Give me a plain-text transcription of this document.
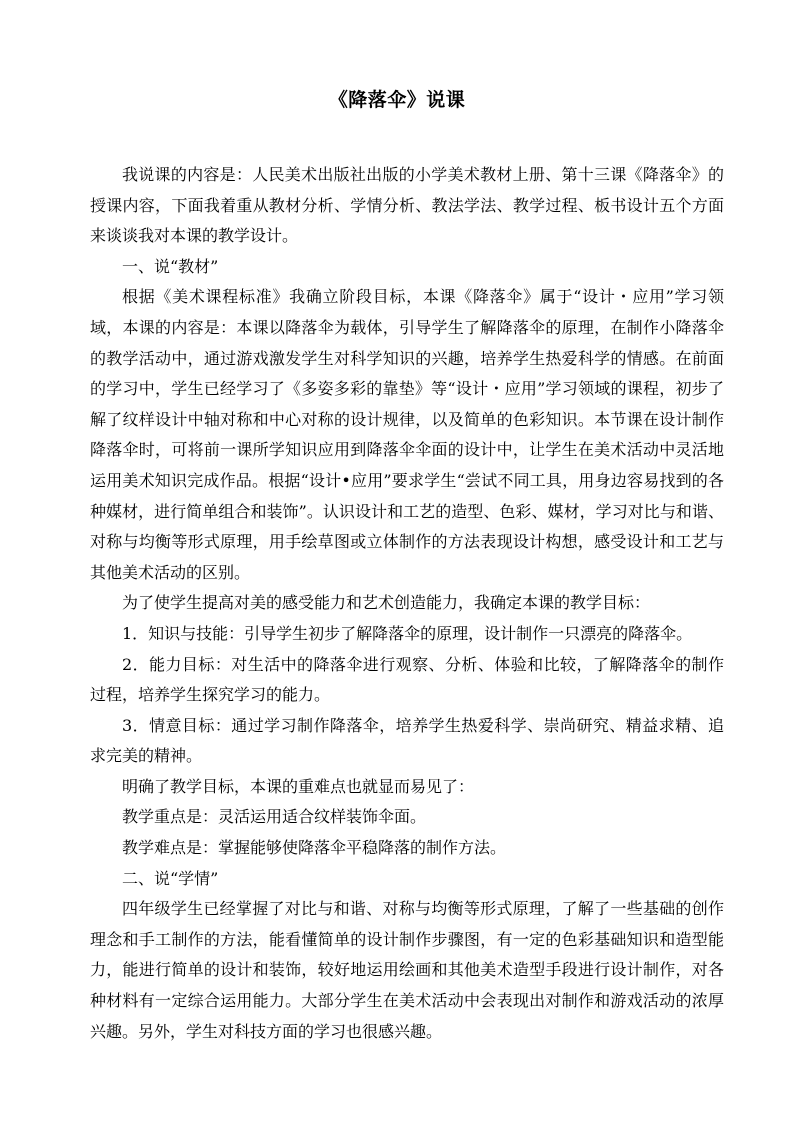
《降落伞》说课

我说课的内容是：人民美术出版社出版的小学美术教材上册、第十三课《降落伞》的授课内容，下面我着重从教材分析、学情分析、教法学法、教学过程、板书设计五个方面来谈谈我对本课的教学设计。

一、说“教材”

根据《美术课程标准》我确立阶段目标，本课《降落伞》属于“设计・应用”学习领域，本课的内容是：本课以降落伞为载体，引导学生了解降落伞的原理，在制作小降落伞的教学活动中，通过游戏激发学生对科学知识的兴趣，培养学生热爱科学的情感。在前面的学习中，学生已经学习了《多姿多彩的靠垫》等“设计・应用”学习领域的课程，初步了解了纹样设计中轴对称和中心对称的设计规律，以及简单的色彩知识。本节课在设计制作降落伞时，可将前一课所学知识应用到降落伞伞面的设计中，让学生在美术活动中灵活地运用美术知识完成作品。根据“设计•应用”要求学生“尝试不同工具，用身边容易找到的各种媒材，进行简单组合和装饰”。认识设计和工艺的造型、色彩、媒材，学习对比与和谐、对称与均衡等形式原理，用手绘草图或立体制作的方法表现设计构想，感受设计和工艺与其他美术活动的区别。

为了使学生提高对美的感受能力和艺术创造能力，我确定本课的教学目标：

1．知识与技能：引导学生初步了解降落伞的原理，设计制作一只漂亮的降落伞。

2．能力目标：对生活中的降落伞进行观察、分析、体验和比较，了解降落伞的制作过程，培养学生探究学习的能力。

3．情意目标：通过学习制作降落伞，培养学生热爱科学、崇尚研究、精益求精、追求完美的精神。

明确了教学目标，本课的重难点也就显而易见了：

教学重点是：灵活运用适合纹样装饰伞面。

教学难点是：掌握能够使降落伞平稳降落的制作方法。

二、说“学情”

四年级学生已经掌握了对比与和谐、对称与均衡等形式原理，了解了一些基础的创作理念和手工制作的方法，能看懂简单的设计制作步骤图，有一定的色彩基础知识和造型能力，能进行简单的设计和装饰，较好地运用绘画和其他美术造型手段进行设计制作，对各种材料有一定综合运用能力。大部分学生在美术活动中会表现出对制作和游戏活动的浓厚兴趣。另外，学生对科技方面的学习也很感兴趣。
